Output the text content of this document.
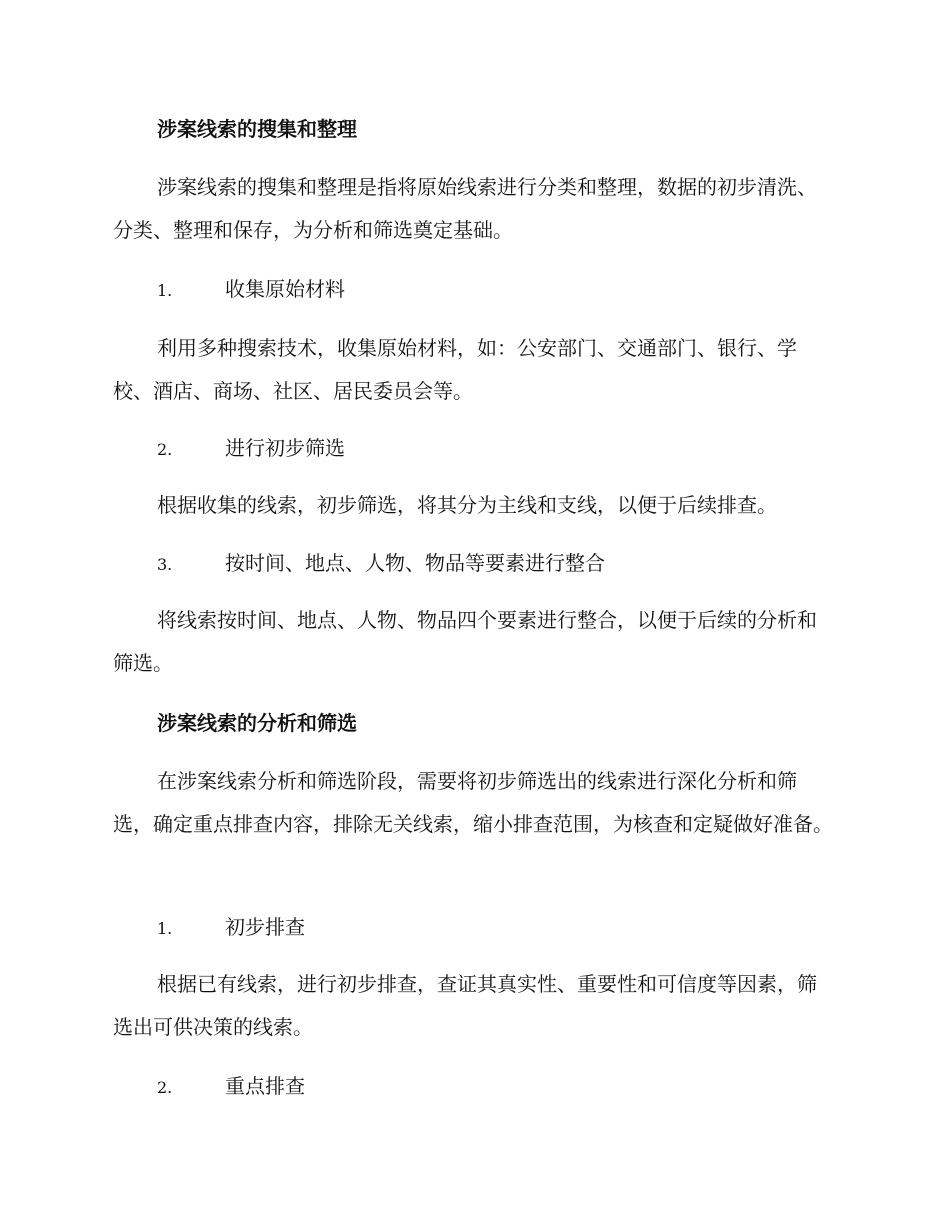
涉案线索的搜集和整理
涉案线索的搜集和整理是指将原始线索进行分类和整理，数据的初步清洗、分类、整理和保存，为分析和筛选奠定基础。
1.	收集原始材料
利用多种搜索技术，收集原始材料，如：公安部门、交通部门、银行、学校、酒店、商场、社区、居民委员会等。
2.	进行初步筛选
根据收集的线索，初步筛选，将其分为主线和支线，以便于后续排查。
3.	按时间、地点、人物、物品等要素进行整合
将线索按时间、地点、人物、物品四个要素进行整合，以便于后续的分析和筛选。
涉案线索的分析和筛选
在涉案线索分析和筛选阶段，需要将初步筛选出的线索进行深化分析和筛选，确定重点排查内容，排除无关线索，缩小排查范围，为核查和定疑做好准备。
1.	初步排查
根据已有线索，进行初步排查，查证其真实性、重要性和可信度等因素，筛选出可供决策的线索。
2.	重点排查
